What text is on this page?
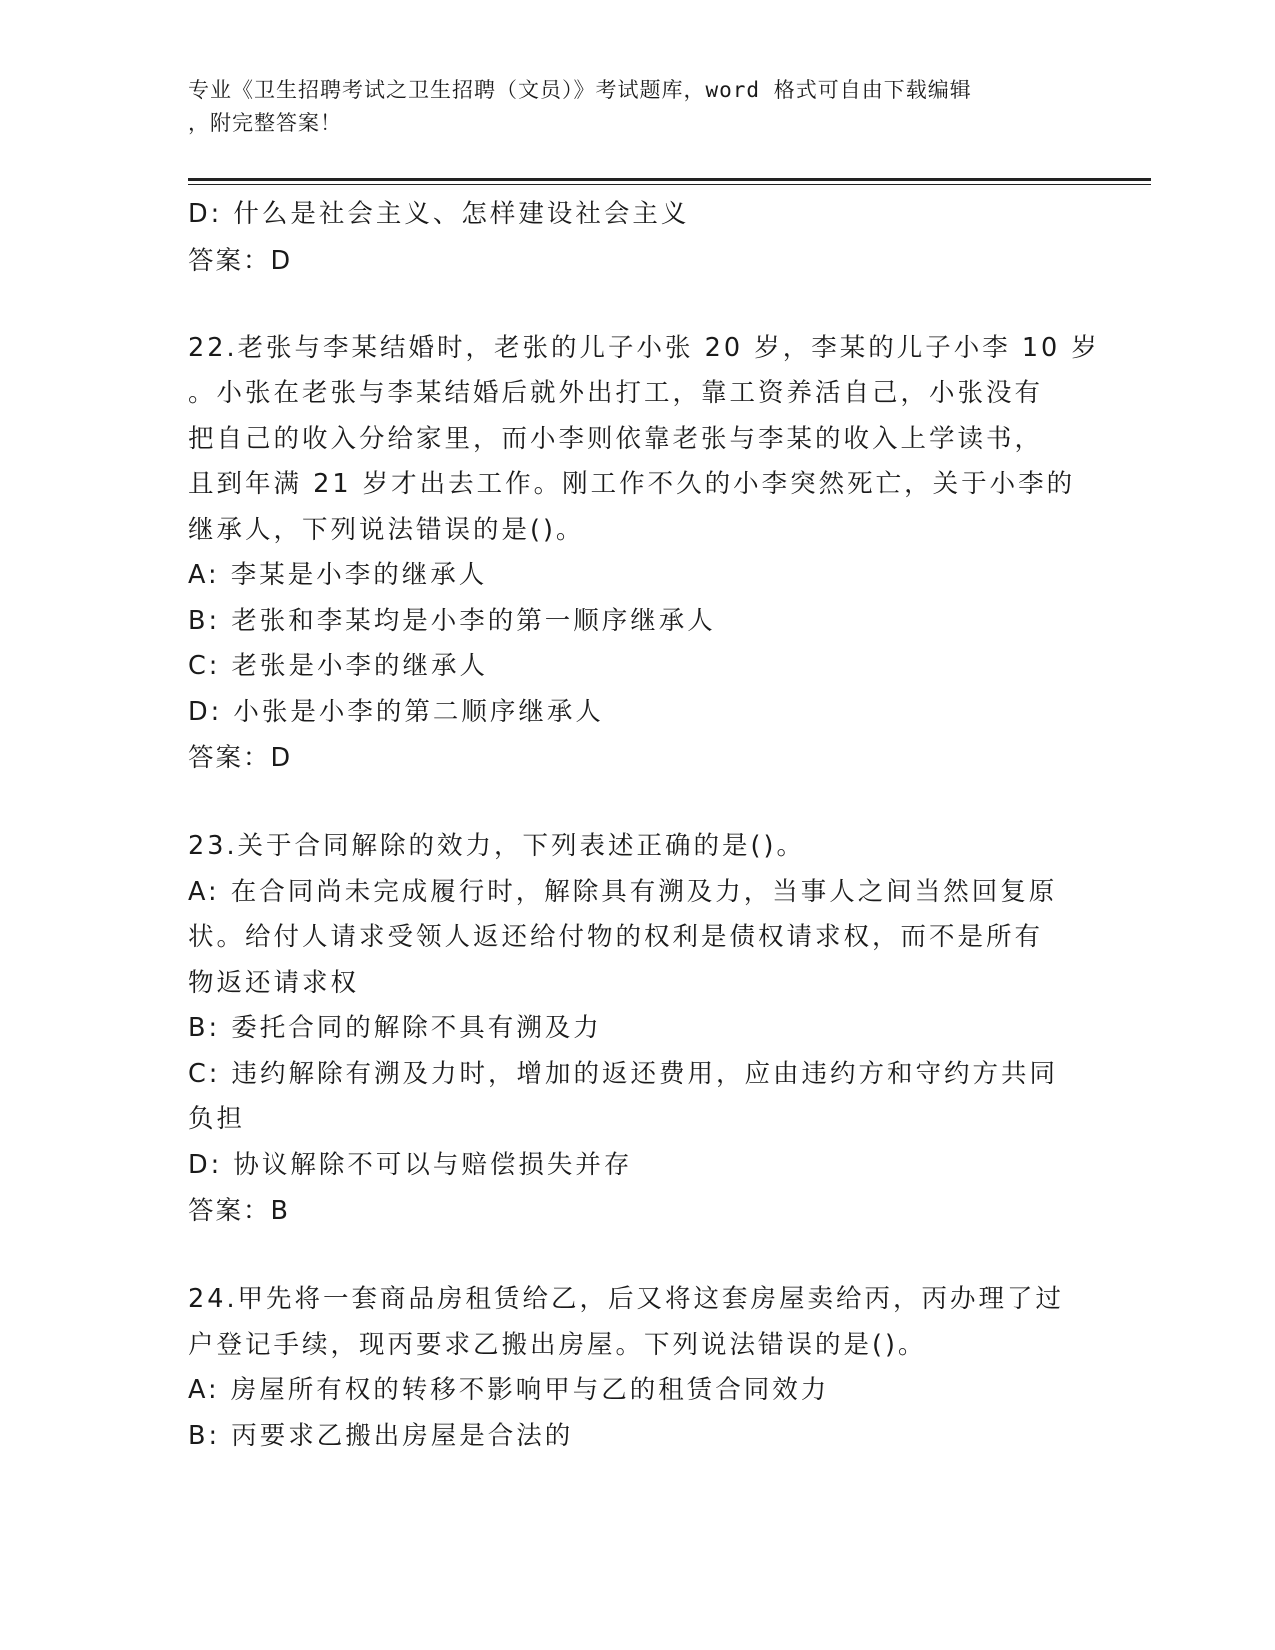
专业《卫生招聘考试之卫生招聘（文员）》考试题库，word 格式可自由下载编辑
，附完整答案！
D: 什么是社会主义、怎样建设社会主义
答案：D
22.老张与李某结婚时，老张的儿子小张 20 岁，李某的儿子小李 10 岁
。小张在老张与李某结婚后就外出打工，靠工资养活自己，小张没有
把自己的收入分给家里，而小李则依靠老张与李某的收入上学读书，
且到年满 21 岁才出去工作。刚工作不久的小李突然死亡，关于小李的
继承人，下列说法错误的是()。
A: 李某是小李的继承人
B: 老张和李某均是小李的第一顺序继承人
C: 老张是小李的继承人
D: 小张是小李的第二顺序继承人
答案：D
23.关于合同解除的效力，下列表述正确的是()。
A: 在合同尚未完成履行时，解除具有溯及力，当事人之间当然回复原
状。给付人请求受领人返还给付物的权利是债权请求权，而不是所有
物返还请求权
B: 委托合同的解除不具有溯及力
C: 违约解除有溯及力时，增加的返还费用，应由违约方和守约方共同
负担
D: 协议解除不可以与赔偿损失并存
答案：B
24.甲先将一套商品房租赁给乙，后又将这套房屋卖给丙，丙办理了过
户登记手续，现丙要求乙搬出房屋。下列说法错误的是()。
A: 房屋所有权的转移不影响甲与乙的租赁合同效力
B: 丙要求乙搬出房屋是合法的
